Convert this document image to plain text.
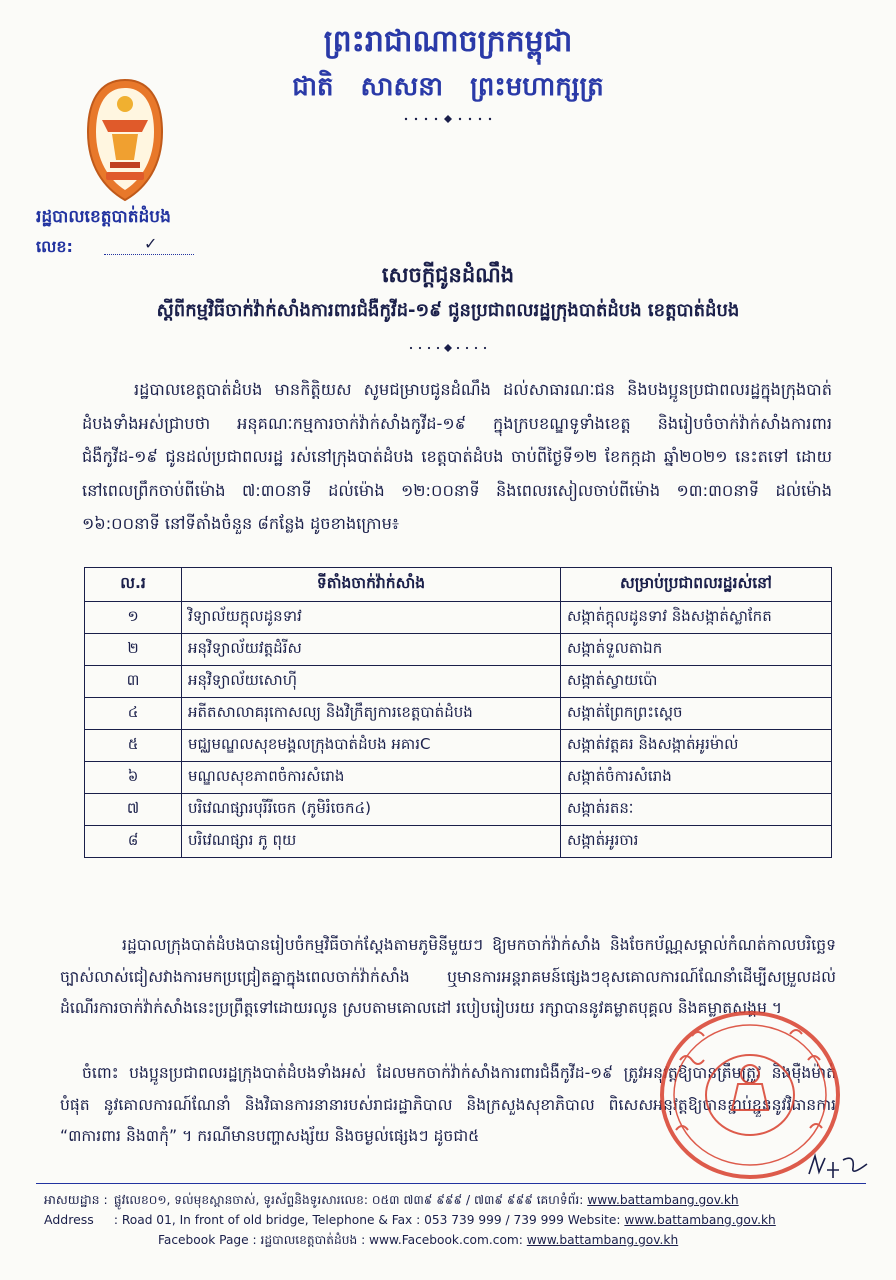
ព្រះរាជាណាចក្រកម្ពុជា
ជាតិ សាសនា ព្រះមហាក្សត្រ
រដ្ឋបាលខេត្តបាត់ដំបង
លេខ:	✓
សេចក្តីជូនដំណឹង
ស្តីពីកម្មវិធីចាក់វ៉ាក់សាំងការពារជំងឺកូវីដ-១៩ ជូនប្រជាពលរដ្ឋក្រុងបាត់ដំបង ខេត្តបាត់ដំបង
រដ្ឋបាលខេត្តបាត់ដំបង មានកិត្តិយស សូមជម្រាបជូនដំណឹង ដល់សាធារណៈជន និងបងប្អូនប្រជាពលរដ្ឋក្នុងក្រុងបាត់ដំបងទាំងអស់ជ្រាបថា អនុគណៈកម្មការចាក់វ៉ាក់សាំងកូវីដ-១៩ ក្នុងក្របខណ្ឌទូទាំងខេត្ត និងរៀបចំចាក់វ៉ាក់សាំងការពារជំងឺកូវីដ-១៩ ជូនដល់ប្រជាពលរដ្ឋ រស់នៅក្រុងបាត់ដំបង ខេត្តបាត់ដំបង ចាប់ពីថ្ងៃទី១២ ខែកក្កដា ឆ្នាំ២០២១ នេះតទៅ ដោយនៅពេលព្រឹកចាប់ពីម៉ោង ៧:៣០នាទី ដល់ម៉ោង ១២:០០នាទី និងពេលរសៀលចាប់ពីម៉ោង ១៣:៣០នាទី ដល់ម៉ោង ១៦:០០នាទី នៅទីតាំងចំនួន ៨កន្លែង ដូចខាងក្រោម៖
ល.រ	ទីតាំងចាក់វ៉ាក់សាំង	សម្រាប់ប្រជាពលរដ្ឋរស់នៅ
១	វិទ្យាល័យក្តុលដូនទាវ	សង្កាត់ក្តុលដូនទាវ និងសង្កាត់ស្លាកែត
២	អនុវិទ្យាល័យវត្តដំរីស	សង្កាត់ទួលតាឯក
៣	អនុវិទ្យាល័យសោហ៊ី	សង្កាត់ស្វាយប៉ោ
៤	អតីតសាលាគរុកោសល្យ និងវិក្រឹត្យការខេត្តបាត់ដំបង	សង្កាត់ព្រែកព្រះស្តេច
៥	មជ្ឈមណ្ឌលសុខមង្គលក្រុងបាត់ដំបង អគារC	សង្កាត់វត្តគរ និងសង្កាត់អូរម៉ាល់
៦	មណ្ឌលសុខភាពចំការសំរោង	សង្កាត់ចំការសំរោង
៧	បរិវេណផ្សារបុរីរីចេក (ភូមិរំចេក៤)	សង្កាត់រតនៈ
៨	បរិវេណផ្សារ ភូ ពុយ	សង្កាត់អូរចារ
រដ្ឋបាលក្រុងបាត់ដំបងបានរៀបចំកម្មវិធីចាក់ស្តែងតាមភូមិនីមួយៗ ឱ្យមកចាក់វ៉ាក់សាំង និងចែកប័ណ្ណសម្គាល់កំណត់កាលបរិច្ឆេទច្បាស់លាស់ជៀសវាងការមកប្រជ្រៀតគ្នាក្នុងពេលចាក់វ៉ាក់សាំង ឬមានការអន្តរាគមន៍ផ្សេងៗខុសគោលការណ៍ណែនាំដើម្បីសម្រួលដល់ដំណើរការចាក់វ៉ាក់សាំងនេះប្រព្រឹត្តទៅដោយរលូន ស្របតាមគោលដៅ របៀបរៀបរយ រក្សាបាននូវគម្លាតបុគ្គល និងគម្លាតសង្គម ។
ចំពោះ បងប្អូនប្រជាពលរដ្ឋក្រុងបាត់ដំបងទាំងអស់ ដែលមកចាក់វ៉ាក់សាំងការពារជំងឺកូវីដ-១៩ ត្រូវអនុវត្តឱ្យបានត្រឹមត្រូវ និងម៉ឺងម៉ាត់បំផុត នូវគោលការណ៍ណែនាំ និងវិធានការនានារបស់រាជរដ្ឋាភិបាល និងក្រសួងសុខាភិបាល ពិសេសអនុវត្តឱ្យបានខ្ជាប់ខ្ជួននូវវិធានការ “៣ការពារ និង៣កុំ” ។ ករណីមានបញ្ហាសង្ស័យ និងចម្ងល់ផ្សេងៗ ដូចជា៥
អាសយដ្ឋាន : ផ្លូវលេខ០១, ទល់មុខស្ពានចាស់, ទូរស័ព្ទនិងទូរសារលេខ: ០៥៣ ៧៣៩ ៩៩៩ / ៧៣៩ ៩៩៩ គេហទំព័រ: www.battambang.gov.kh
Address : Road 01, In front of old bridge, Telephone & Fax : 053 739 999 / 739 999 Website: www.battambang.gov.kh
Facebook Page : រដ្ឋបាលខេត្តបាត់ដំបង : www.Facebook.com.com: www.battambang.gov.kh
